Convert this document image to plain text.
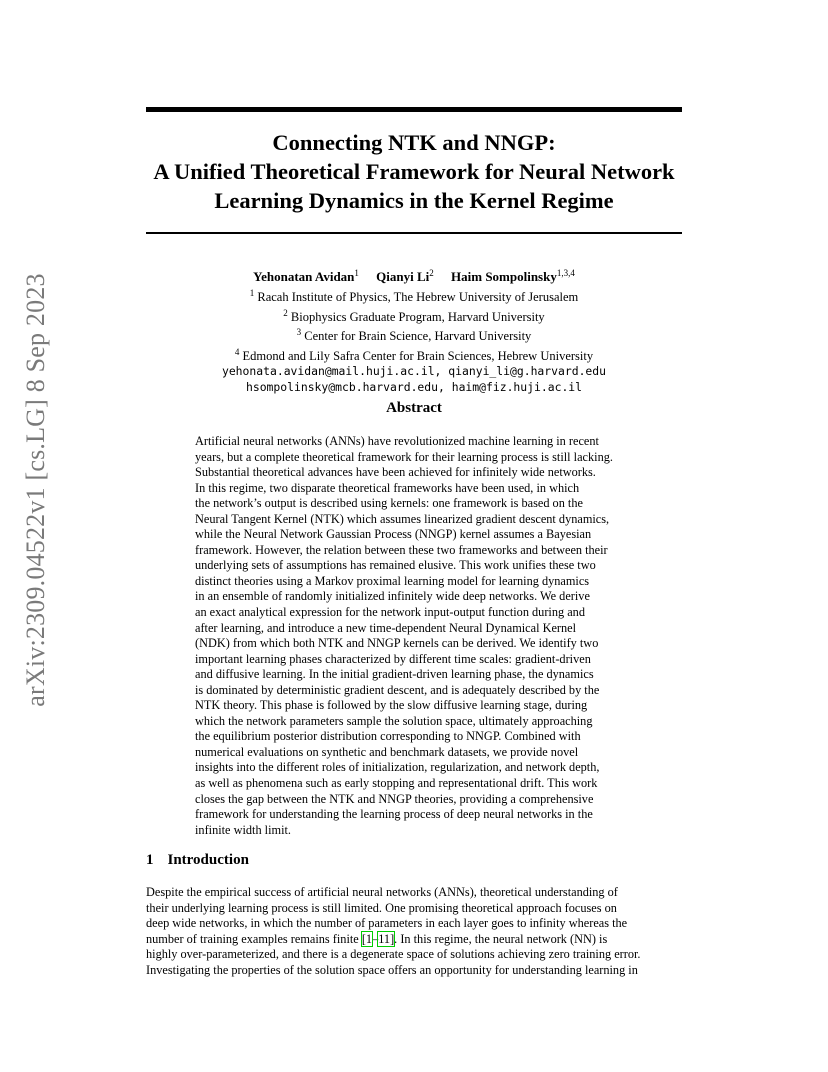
Connecting NTK and NNGP:
A Unified Theoretical Framework for Neural Network
Learning Dynamics in the Kernel Regime
arXiv:2309.04522v1 [cs.LG] 8 Sep 2023	Yehonatan Avidan$^1$ Qianyi Li$^2$ Haim Sompolinsky$^{1,3,4}$
$^1$ Racah Institute of Physics, The Hebrew University of Jerusalem
$^2$ Biophysics Graduate Program, Harvard University
$^3$ Center for Brain Science, Harvard University
$^4$ Edmond and Lily Safra Center for Brain Sciences, Hebrew University
yehonata.avidan@mail.huji.ac.il, qianyi_li@g.harvard.edu
hsompolinsky@mcb.harvard.edu, haim@fiz.huji.ac.il
Abstract
Artificial neural networks (ANNs) have revolutionized machine learning in recent
years, but a complete theoretical framework for their learning process is still lacking.
Substantial theoretical advances have been achieved for infinitely wide networks.
In this regime, two disparate theoretical frameworks have been used, in which
the network’s output is described using kernels: one framework is based on the
Neural Tangent Kernel (NTK) which assumes linearized gradient descent dynamics,
while the Neural Network Gaussian Process (NNGP) kernel assumes a Bayesian
framework. However, the relation between these two frameworks and between their
underlying sets of assumptions has remained elusive. This work unifies these two
distinct theories using a Markov proximal learning model for learning dynamics
in an ensemble of randomly initialized infinitely wide deep networks. We derive
an exact analytical expression for the network input-output function during and
after learning, and introduce a new time-dependent Neural Dynamical Kernel
(NDK) from which both NTK and NNGP kernels can be derived. We identify two
important learning phases characterized by different time scales: gradient-driven
and diffusive learning. In the initial gradient-driven learning phase, the dynamics
is dominated by deterministic gradient descent, and is adequately described by the
NTK theory. This phase is followed by the slow diffusive learning stage, during
which the network parameters sample the solution space, ultimately approaching
the equilibrium posterior distribution corresponding to NNGP. Combined with
numerical evaluations on synthetic and benchmark datasets, we provide novel
insights into the different roles of initialization, regularization, and network depth,
as well as phenomena such as early stopping and representational drift. This work
closes the gap between the NTK and NNGP theories, providing a comprehensive
framework for understanding the learning process of deep neural networks in the
infinite width limit.
1 Introduction
Despite the empirical success of artificial neural networks (ANNs), theoretical understanding of
their underlying learning process is still limited. One promising theoretical approach focuses on
deep wide networks, in which the number of parameters in each layer goes to infinity whereas the
number of training examples remains finite [1–11]. In this regime, the neural network (NN) is
highly over-parameterized, and there is a degenerate space of solutions achieving zero training error.
Investigating the properties of the solution space offers an opportunity for understanding learning in
